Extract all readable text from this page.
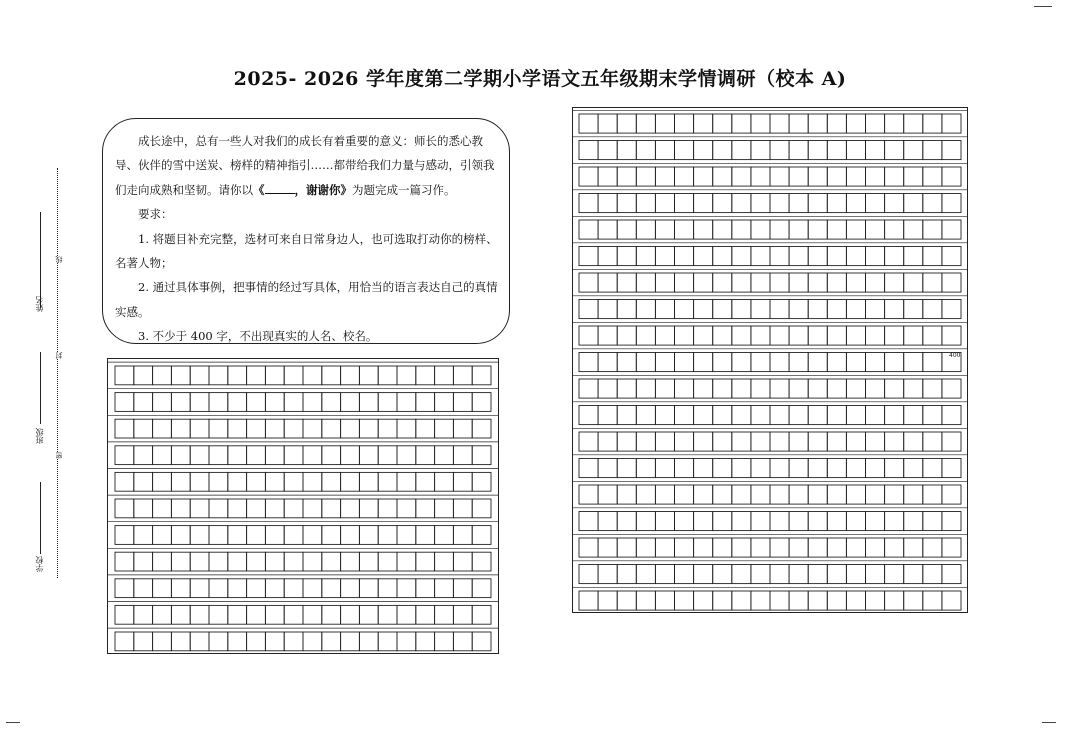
2025- 2026 学年度第二学期小学语文五年级期末学情调研（校本 A)
姓名
班级
学校
线
封
密

成长途中，总有一些人对我们的成长有着重要的意义：师长的悉心教导、伙伴的雪中送炭、榜样的精神指引……都带给我们力量与感动，引领我们走向成熟和坚韧。请你以《	，谢谢你》为题完成一篇习作。

要求：

1. 将题目补充完整，选材可来自日常身边人，也可选取打动你的榜样、名著人物；

2. 通过具体事例，把事情的经过写具体，用恰当的语言表达自己的真情实感。

3. 不少于 400 字，不出现真实的人名、校名。

400
